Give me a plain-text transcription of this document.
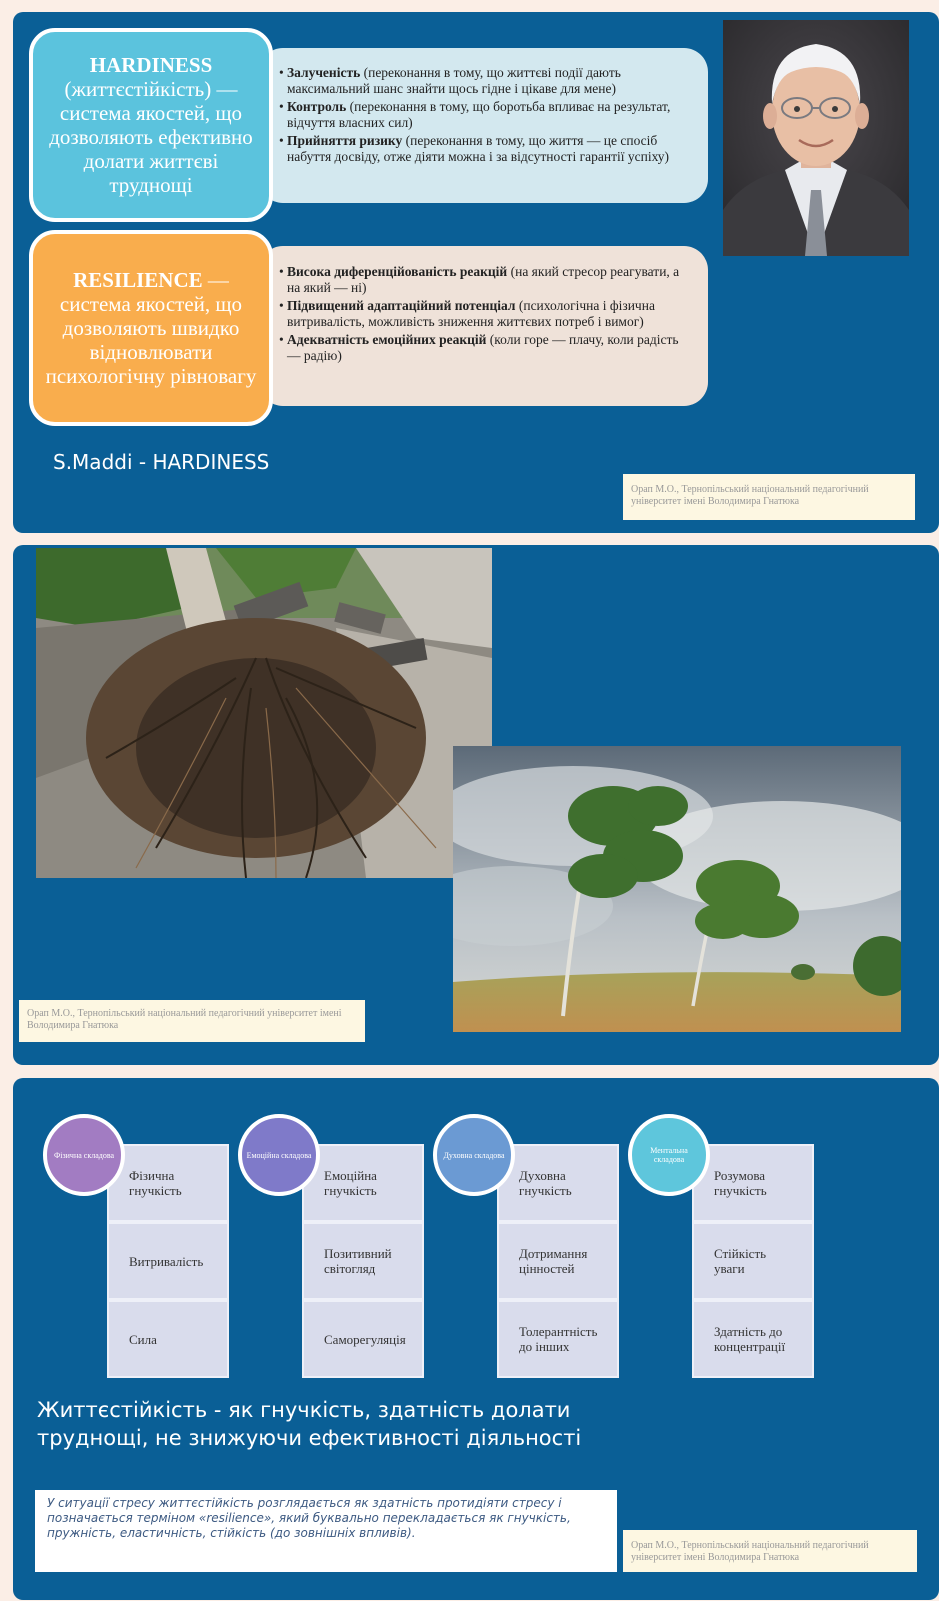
HARDINESS
(життєстійкість) — система якостей, що дозволяють ефективно долати життєві труднощі
• Залученість (переконання в тому, що життєві події дають максимальний шанс знайти щось гідне і цікаве для мене)
• Контроль (переконання в тому, що боротьба впливає на результат, відчуття власних сил)
• Прийняття ризику (переконання в тому, що життя — це спосіб набуття досвіду, отже діяти можна і за відсутності гарантії успіху)
RESILIENCE — система якостей, що дозволяють швидко відновлювати психологічну рівновагу
• Висока диференційованість реакцій (на який стресор реагувати, а на який — ні)
• Підвищений адаптаційний потенціал (психологічна і фізична витривалість, можливість зниження життєвих потреб і вимог)
• Адекватність емоційних реакцій (коли горе — плачу, коли радість — радію)
S.Maddi - HARDINESS
Орап М.О., Тернопільський національний педагогічний університет імені Володимира Гнатюка
Орап М.О., Тернопільський національний педагогічний університет імені Володимира Гнатюка
Фізична складова
Фізична гнучкість
Витривалість
Сила
Емоційна складова
Емоційна гнучкість
Позитивний світогляд
Саморегуляція
Духовна складова
Духовна гнучкість
Дотримання цінностей
Толерантність до інших
Ментальна складова
Розумова гнучкість
Стійкість уваги
Здатність до концентрації
Життєстійкість - як гнучкість, здатність долати труднощі, не знижуючи ефективності діяльності
У ситуації стресу життєстійкість розглядається як здатність протидіяти стресу і позначається терміном «resilience», який буквально перекладається як гнучкість, пружність, еластичність, стійкість (до зовнішніх впливів).
Орап М.О., Тернопільський національний педагогічний університет імені Володимира Гнатюка
